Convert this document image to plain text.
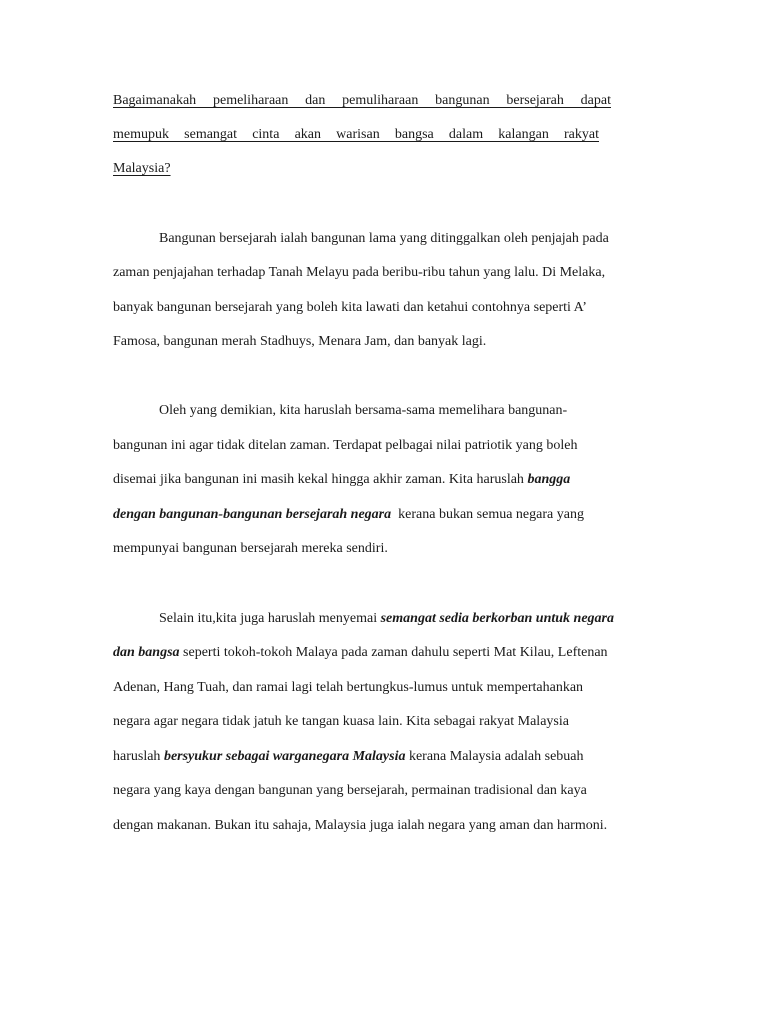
Bagaimanakah pemeliharaan dan pemuliharaan bangunan bersejarah dapat
memupuk semangat cinta akan warisan bangsa dalam kalangan rakyat
Malaysia?
Bangunan bersejarah ialah bangunan lama yang ditinggalkan oleh penjajah pada
zaman penjajahan terhadap Tanah Melayu pada beribu-ribu tahun yang lalu. Di Melaka,
banyak bangunan bersejarah yang boleh kita lawati dan ketahui contohnya seperti A’
Famosa, bangunan merah Stadhuys, Menara Jam, dan banyak lagi.
Oleh yang demikian, kita haruslah bersama-sama memelihara bangunan-
bangunan ini agar tidak ditelan zaman. Terdapat pelbagai nilai patriotik yang boleh
disemai jika bangunan ini masih kekal hingga akhir zaman. Kita haruslah bangga
dengan bangunan-bangunan bersejarah negara  kerana bukan semua negara yang
mempunyai bangunan bersejarah mereka sendiri.
Selain itu,kita juga haruslah menyemai semangat sedia berkorban untuk negara
dan bangsa seperti tokoh-tokoh Malaya pada zaman dahulu seperti Mat Kilau, Leftenan
Adenan, Hang Tuah, dan ramai lagi telah bertungkus-lumus untuk mempertahankan
negara agar negara tidak jatuh ke tangan kuasa lain. Kita sebagai rakyat Malaysia
haruslah bersyukur sebagai warganegara Malaysia kerana Malaysia adalah sebuah
negara yang kaya dengan bangunan yang bersejarah, permainan tradisional dan kaya
dengan makanan. Bukan itu sahaja, Malaysia juga ialah negara yang aman dan harmoni.
